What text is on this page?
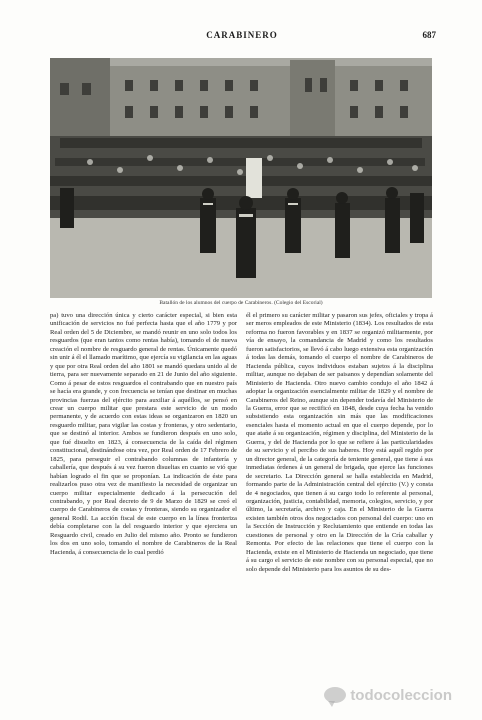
CARABINERO	687
Batallón de los alumnos del cuerpo de Carabineros. (Colegio del Escorial)

pa) tuvo una dirección única y cierto carácter especial, si bien esta unificación de servicios no fué perfecta hasta que el año 1779 y por Real orden del 5 de Diciembre, se mandó reunir en uno solo todos los resguardos (que eran tantos como rentas había), tomando el de nueva creación el nombre de resguardo general de rentas. Únicamente quedó sin unir á él el llamado marítimo, que ejercía su vigilancia en las aguas y que por otra Real orden del año 1801 se mandó quedara unido al de tierra, para ser nuevamente separado en 21 de Junio del año siguiente. Como á pesar de estos resguardos el contrabando que en nuestro país se hacía era grande, y con frecuencia se tenían que destinar en muchas provincias fuerzas del ejército para auxiliar á aquéllos, se pensó en crear un cuerpo militar que prestara este servicio de un modo permanente, y de acuerdo con estas ideas se organizaron en 1820 un resguardo militar, para vigilar las costas y fronteras, y otro sedentario, que se destinó al interior. Ambos se fundieron después en uno solo, que fué disuelto en 1823, á consecuencia de la caída del régimen constitucional, destinándose otra vez, por Real orden de 17 Febrero de 1825, para perseguir el contrabando columnas de infantería y caballería, que después á su vez fueron disueltas en cuanto se vió que habían logrado el fin que se proponían. La indicación de éste para realizarlos puso otra vez de manifiesto la necesidad de organizar un cuerpo militar especialmente dedicado á la persecución del contrabando, y por Real decreto de 9 de Marzo de 1829 se creó el cuerpo de Carabineros de costas y fronteras, siendo su organizador el general Rodil. La acción fiscal de este cuerpo en la línea fronteriza debía completarse con la del resguardo interior y que ejerciera un Resguardo civil, creado en Julio del mismo año. Pronto se fundieron los dos en uno solo, tomando el nombre de Carabineros de la Real Hacienda, á consecuencia de lo cual perdió

él el primero su carácter militar y pasaron sus jefes, oficiales y tropa á ser meros empleados de este Ministerio (1834). Los resultados de esta reforma no fueron favorables y en 1837 se organizó militarmente, por vía de ensayo, la comandancia de Madrid y como los resultados fueron satisfactorios, se llevó á cabo luego extensiva esta organización á todas las demás, tomando el cuerpo el nombre de Carabineros de Hacienda pública, cuyos individuos estaban sujetos á la disciplina militar, aunque no dejaban de ser paisanos y dependían solamente del Ministerio de Hacienda. Otro nuevo cambio condujo el año 1842 á adoptar la organización esencialmente militar de 1829 y el nombre de Carabineros del Reino, aunque sin depender todavía del Ministerio de la Guerra, error que se rectificó en 1848, desde cuya fecha ha venido subsistiendo esta organización sin más que las modificaciones esenciales hasta el momento actual en que el cuerpo depende, por lo que atañe á su organización, régimen y disciplina, del Ministerio de la Guerra, y del de Hacienda por lo que se refiere á las particularidades de su servicio y el percibo de sus haberes. Hoy está aquél regido por un director general, de la categoría de teniente general, que tiene á sus inmediatas órdenes á un general de brigada, que ejerce las funciones de secretario. La Dirección general se halla establecida en Madrid, formando parte de la Administración central del ejército (V.) y consta de 4 negociados, que tienen á su cargo todo lo referente al personal, organización, justicia, contabilidad, memoria, colegios, servicio, y por último, la secretaría, archivo y caja. En el Ministerio de la Guerra existen también otros dos negociados con personal del cuerpo: uno en la Sección de Instrucción y Reclutamiento que entiende en todas las cuestiones de personal y otro en la Dirección de la Cría caballar y Remonta. Por efecto de las relaciones que tiene el cuerpo con la Hacienda, existe en el Ministerio de Hacienda un negociado, que tiene á su cargo el servicio de este nombre con su personal especial, que no solo depende del Ministerio para los asuntos de su des-

todocoleccion
